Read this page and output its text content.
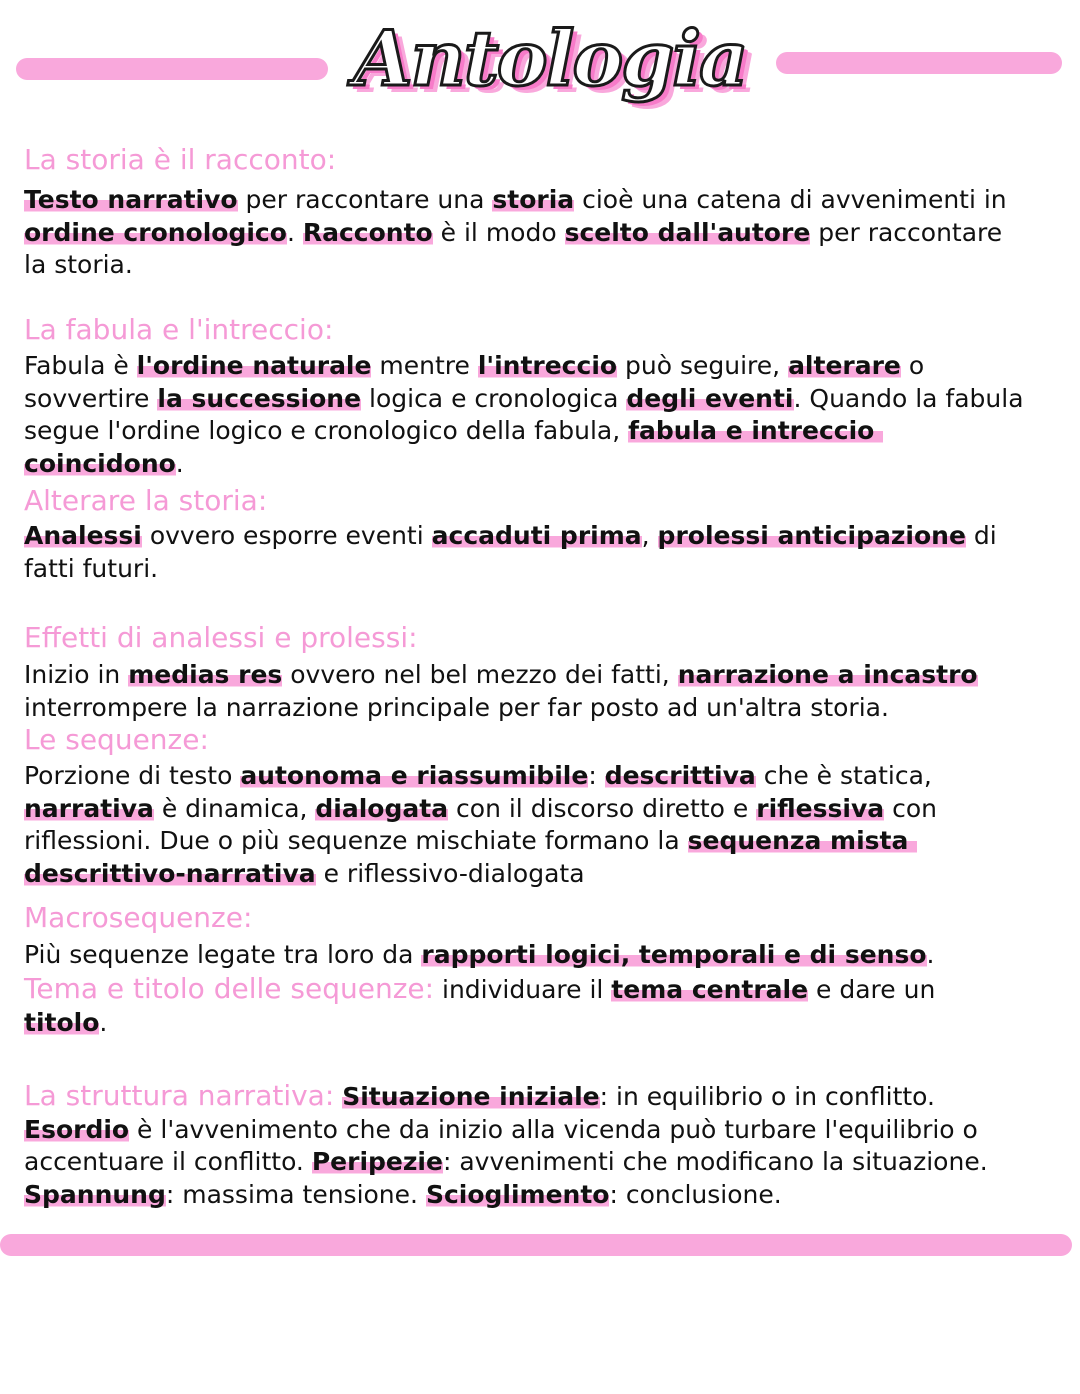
Antologia
La storia è il racconto:
Testo narrativo per raccontare una storia cioè una catena di avvenimenti in ordine cronologico. Racconto è il modo scelto dall'autore per raccontare la storia.
La fabula e l'intreccio:
Fabula è l'ordine naturale mentre l'intreccio può seguire, alterare o sovvertire la successione logica e cronologica degli eventi. Quando la fabula segue l'ordine logico e cronologico della fabula, fabula e intreccio coincidono.
Alterare la storia:
Analessi ovvero esporre eventi accaduti prima, prolessi anticipazione di fatti futuri.
Effetti di analessi e prolessi:
Inizio in medias res ovvero nel bel mezzo dei fatti, narrazione a incastro interrompere la narrazione principale per far posto ad un'altra storia.
Le sequenze:
Porzione di testo autonoma e riassumibile: descrittiva che è statica, narrativa è dinamica, dialogata con il discorso diretto e riflessiva con riflessioni. Due o più sequenze mischiate formano la sequenza mista descrittivo-narrativa e riflessivo-dialogata
Macrosequenze:
Più sequenze legate tra loro da rapporti logici, temporali e di senso.
Tema e titolo delle sequenze: individuare il tema centrale e dare un titolo.
La struttura narrativa: Situazione iniziale: in equilibrio o in conflitto. Esordio è l'avvenimento che da inizio alla vicenda può turbare l'equilibrio o accentuare il conflitto. Peripezie: avvenimenti che modificano la situazione. Spannung: massima tensione. Scioglimento: conclusione.
